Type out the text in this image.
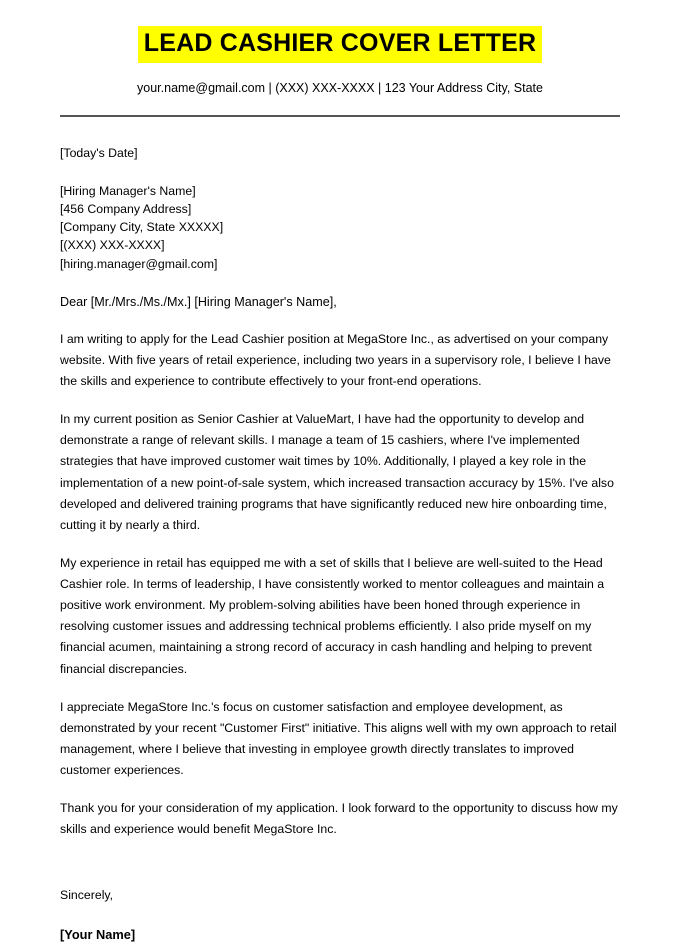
LEAD CASHIER COVER LETTER
your.name@gmail.com | (XXX) XXX-XXXX | 123 Your Address City, State
[Today's Date]
[Hiring Manager's Name]
[456 Company Address]
[Company City, State XXXXX]
[(XXX) XXX-XXXX]
[hiring.manager@gmail.com]
Dear [Mr./Mrs./Ms./Mx.] [Hiring Manager's Name],
I am writing to apply for the Lead Cashier position at MegaStore Inc., as advertised on your company website. With five years of retail experience, including two years in a supervisory role, I believe I have the skills and experience to contribute effectively to your front-end operations.
In my current position as Senior Cashier at ValueMart, I have had the opportunity to develop and demonstrate a range of relevant skills. I manage a team of 15 cashiers, where I've implemented strategies that have improved customer wait times by 10%. Additionally, I played a key role in the implementation of a new point-of-sale system, which increased transaction accuracy by 15%. I've also developed and delivered training programs that have significantly reduced new hire onboarding time, cutting it by nearly a third.
My experience in retail has equipped me with a set of skills that I believe are well-suited to the Head Cashier role. In terms of leadership, I have consistently worked to mentor colleagues and maintain a positive work environment. My problem-solving abilities have been honed through experience in resolving customer issues and addressing technical problems efficiently. I also pride myself on my financial acumen, maintaining a strong record of accuracy in cash handling and helping to prevent financial discrepancies.
I appreciate MegaStore Inc.'s focus on customer satisfaction and employee development, as demonstrated by your recent "Customer First" initiative. This aligns well with my own approach to retail management, where I believe that investing in employee growth directly translates to improved customer experiences.
Thank you for your consideration of my application. I look forward to the opportunity to discuss how my skills and experience would benefit MegaStore Inc.
Sincerely,
[Your Name]
